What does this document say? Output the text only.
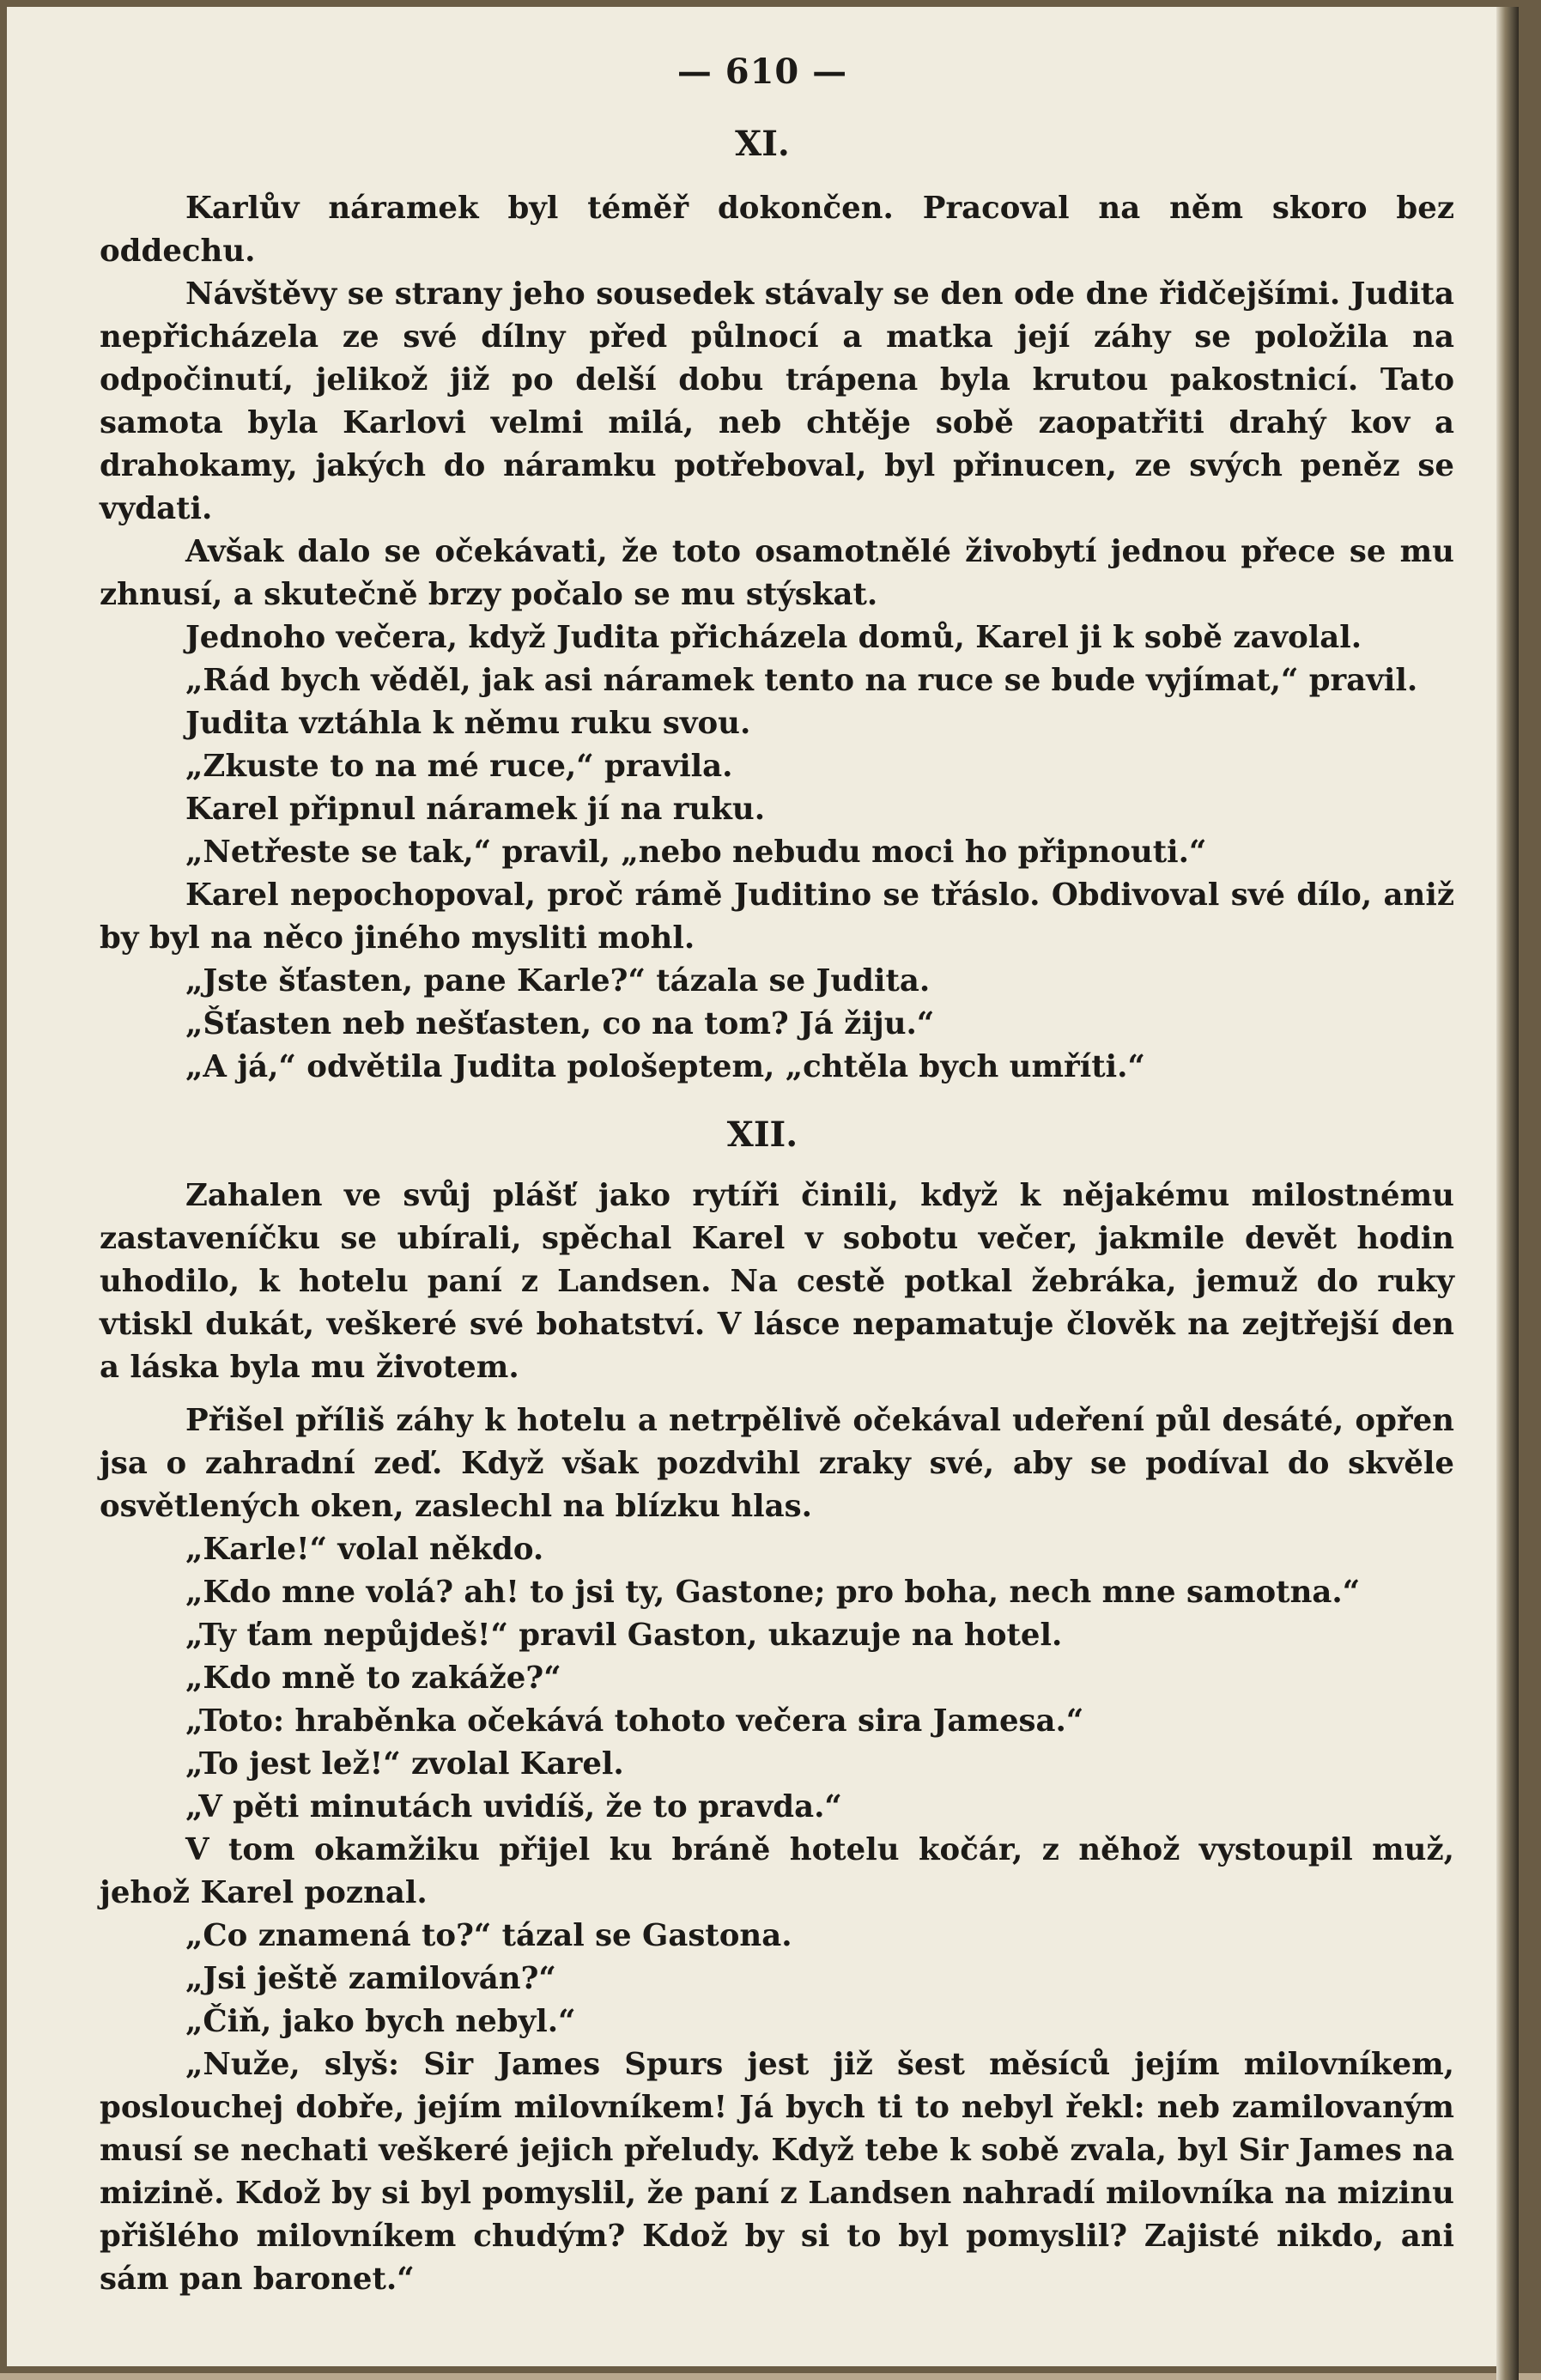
— 610 —
XI.

Karlův náramek byl téměř dokončen. Pracoval na něm skoro bez oddechu.

Návštěvy se strany jeho sousedek stávaly se den ode dne řidčejšími. Judita nepřicházela ze své dílny před půlnocí a matka její záhy se položila na odpočinutí, jelikož již po delší dobu trápena byla krutou pakostnicí. Tato samota byla Karlovi velmi milá, neb chtěje sobě zaopatřiti drahý kov a drahokamy, jakých do náramku potřeboval, byl přinucen, ze svých peněz se vydati.

Avšak dalo se očekávati, že toto osamotnělé živobytí jednou přece se mu zhnusí, a skutečně brzy počalo se mu stýskat.

Jednoho večera, když Judita přicházela domů, Karel ji k sobě zavolal.

„Rád bych věděl, jak asi náramek tento na ruce se bude vyjímat,“ pravil.

Judita vztáhla k němu ruku svou.

„Zkuste to na mé ruce,“ pravila.

Karel připnul náramek jí na ruku.

„Netřeste se tak,“ pravil, „nebo nebudu moci ho připnouti.“

Karel nepochopoval, proč rámě Juditino se třáslo. Obdivoval své dílo, aniž by byl na něco jiného mysliti mohl.

„Jste šťasten, pane Karle?“ tázala se Judita.

„Šťasten neb nešťasten, co na tom? Já žiju.“

„A já,“ odvětila Judita pološeptem, „chtěla bych umříti.“

XII.

Zahalen ve svůj plášť jako rytíři činili, když k nějakému milostnému zastavenı́čku se ubírali, spěchal Karel v sobotu večer, jakmile devět hodin uhodilo, k hotelu paní z Landsen. Na cestě potkal žebráka, jemuž do ruky vtiskl dukát, veškeré své bohatství. V lásce nepamatuje člověk na zejtřejší den a láska byla mu životem.

Přišel příliš záhy k hotelu a netrpělivě očekával udeření půl desáté, opřen jsa o zahradní zeď. Když však pozdvihl zraky své, aby se podíval do skvěle osvětlených oken, zaslechl na blízku hlas.

„Karle!“ volal někdo.

„Kdo mne volá? ah! to jsi ty, Gastone; pro boha, nech mne samotna.“

„Ty ťam nepůjdeš!“ pravil Gaston, ukazuje na hotel.

„Kdo mně to zakáže?“

„Toto: hraběnka očekává tohoto večera sira Jamesa.“

„To jest lež!“ zvolal Karel.

„V pěti minutách uvidíš, že to pravda.“

V tom okamžiku přijel ku bráně hotelu kočár, z něhož vystoupil muž, jehož Karel poznal.

„Co znamená to?“ tázal se Gastona.

„Jsi ještě zamilován?“

„Čiň, jako bych nebyl.“

„Nuže, slyš: Sir James Spurs jest již šest měsíců jejím milovníkem, poslouchej dobře, jejím milovníkem! Já bych ti to nebyl řekl: neb zamilovaným musí se nechati veškeré jejich přeludy. Když tebe k sobě zvala, byl Sir James na mizině. Kdož by si byl pomyslil, že paní z Landsen nahradí milovníka na mizinu přišlého milovníkem chudým? Kdož by si to byl pomyslil? Zajisté nikdo, ani sám pan baronet.“
